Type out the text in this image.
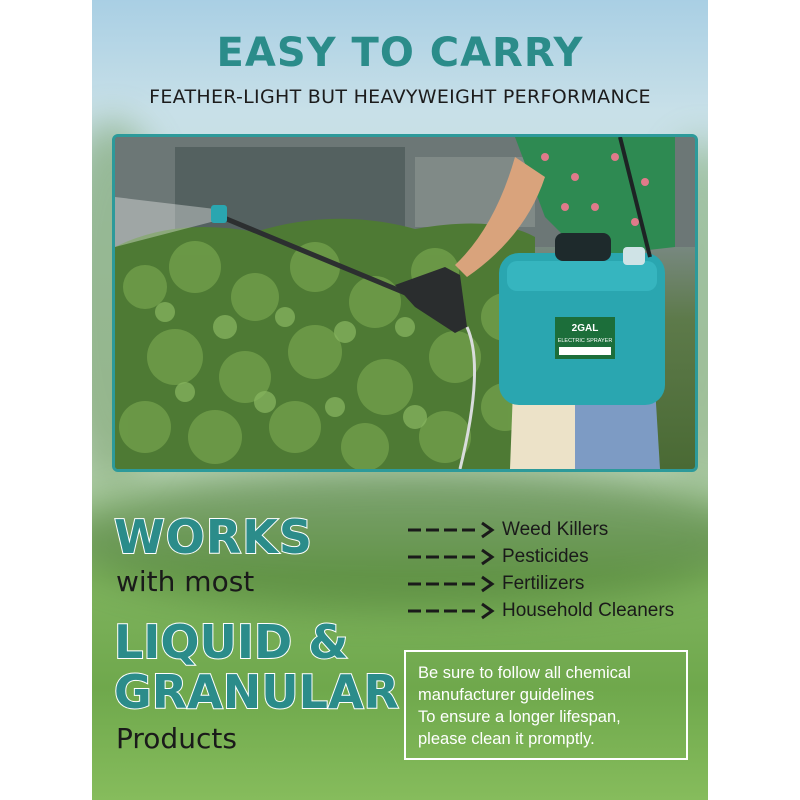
EASY TO CARRY
FEATHER-LIGHT BUT HEAVYWEIGHT PERFORMANCE
2GAL
ELECTRIC SPRAYER
WORKS
with most
LIQUID &
GRANULAR
Products
Weed Killers
Pesticides
Fertilizers
Household Cleaners

Be sure to follow all chemical

manufacturer guidelines

To ensure a longer lifespan,

please clean it promptly.
